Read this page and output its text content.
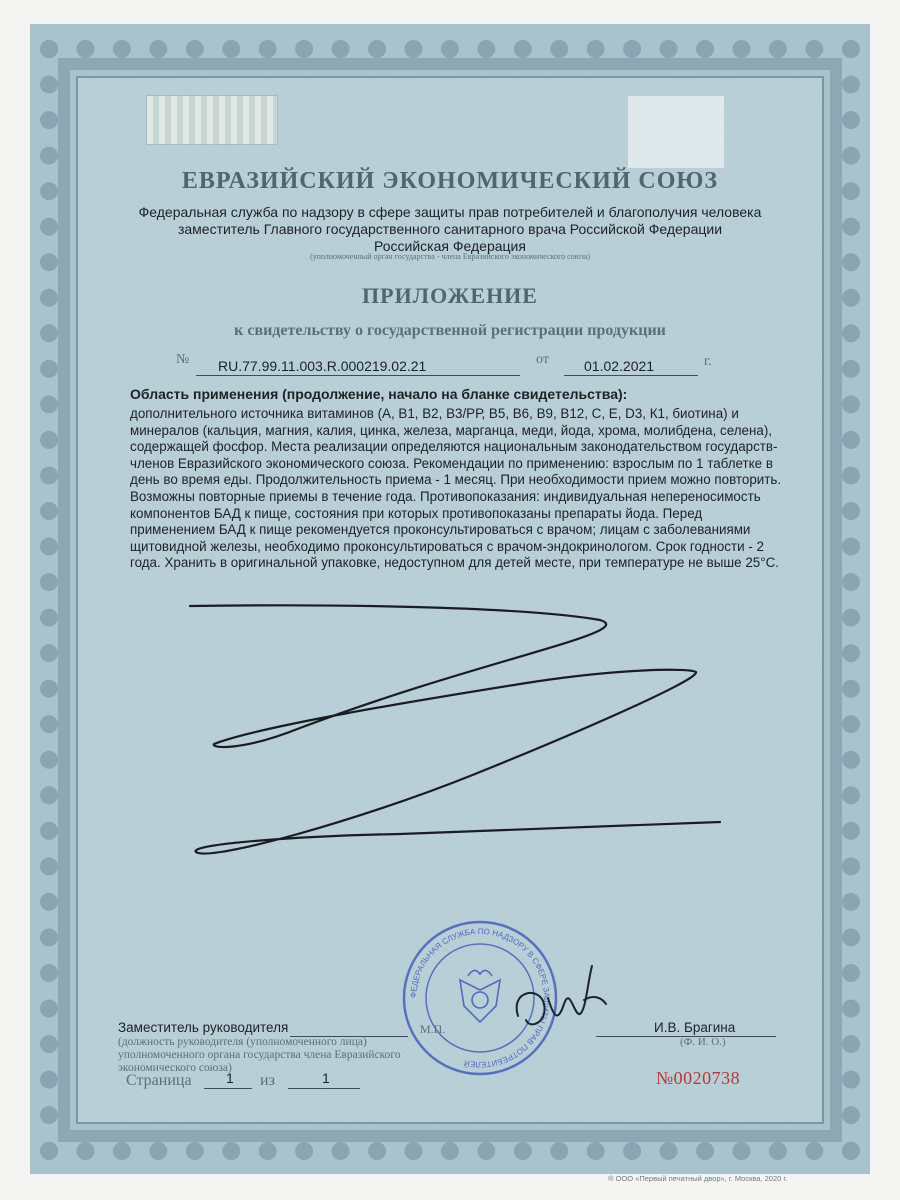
ЕВРАЗИЙСКИЙ ЭКОНОМИЧЕСКИЙ СОЮЗ
Федеральная служба по надзору в сфере защиты прав потребителей и благополучия человека
заместитель Главного государственного санитарного врача Российской Федерации
Российская Федерация
(уполномоченный орган государства - члена Евразийского экономического союза)
ПРИЛОЖЕНИЕ
к свидетельству о государственной регистрации продукции
№ RU.77.99.11.003.R.000219.02.21	от	01.02.2021	г.
Область применения (продолжение, начало на бланке свидетельства):
дополнительного источника витаминов (А, В1, В2, В3/РР, В5, В6, В9, В12, С, Е, D3, К1, биотина) и минералов (кальция, магния, калия, цинка, железа, марганца, меди, йода, хрома, молибдена, селена), содержащей фосфор. Места реализации определяются национальным законодательством государств-членов Евразийского экономического союза. Рекомендации по применению: взрослым по 1 таблетке в день во время еды. Продолжительность приема - 1 месяц. При необходимости прием можно повторить. Возможны повторные приемы в течение года. Противопоказания: индивидуальная непереносимость компонентов БАД к пище, состояния при которых противопоказаны препараты йода. Перед применением БАД к пище рекомендуется проконсультироваться с врачом; лицам с заболеваниями щитовидной железы, необходимо проконсультироваться с врачом-эндокринологом. Срок годности - 2 года. Хранить в оригинальной упаковке, недоступном для детей месте, при температуре не выше 25°С.
ФЕДЕРАЛЬНАЯ СЛУЖБА ПО НАДЗОРУ В СФЕРЕ ЗАЩИТЫ ПРАВ ПОТРЕБИТЕЛЕЙ
Заместитель руководителя	М.П.	И.В. Брагина
(должность руководителя (уполномоченного лица) уполномоченного органа государства члена Евразийского экономического союза)
(Ф. И. О.)
Страница 1 из	1	№0020738
® ООО «Первый печатный двор», г. Москва, 2020 г.
